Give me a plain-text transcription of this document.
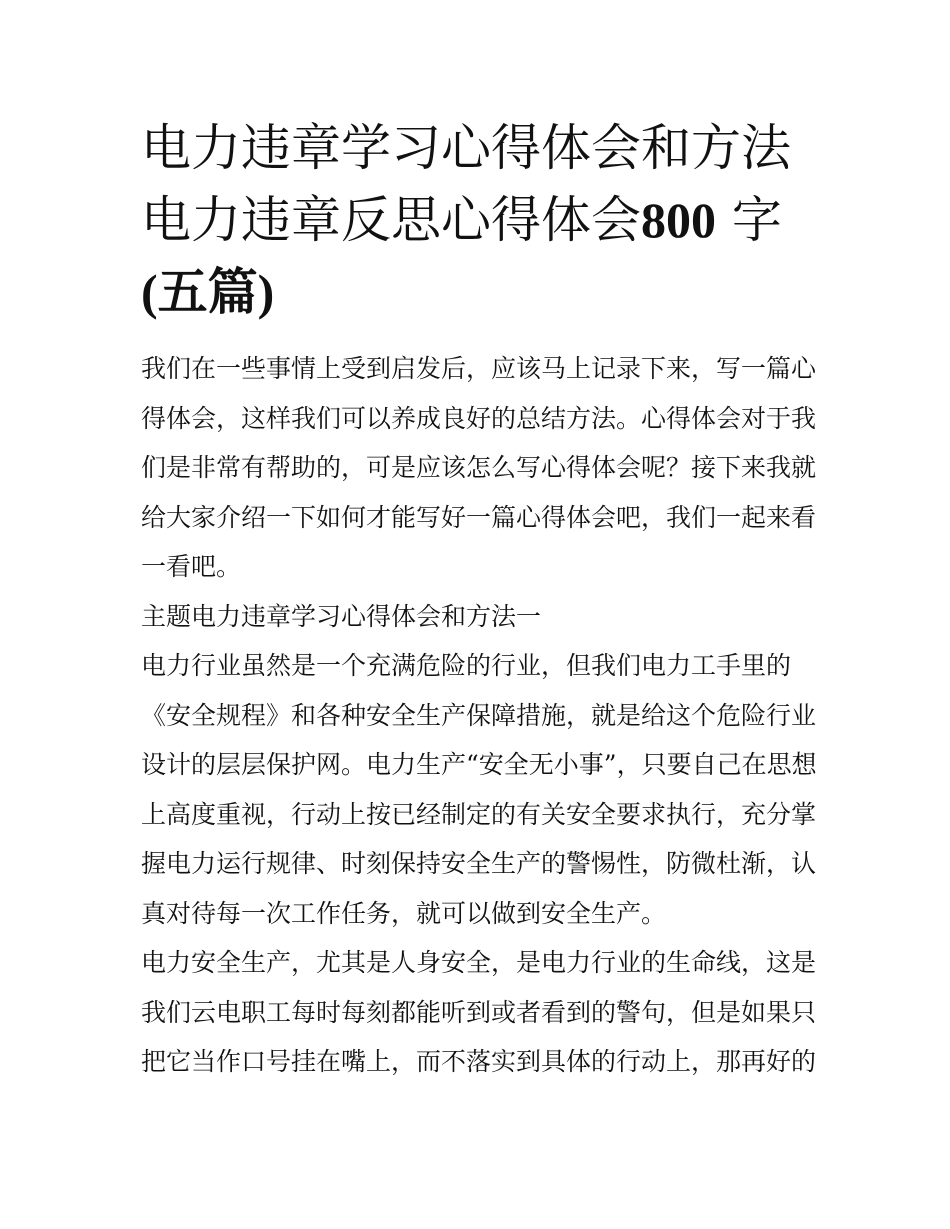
电力违章学习心得体会和方法
电力违章反思心得体会800 字
(五篇)

我们在一些事情上受到启发后，应该马上记录下来，写一篇心
得体会，这样我们可以养成良好的总结方法。心得体会对于我
们是非常有帮助的，可是应该怎么写心得体会呢？接下来我就
给大家介绍一下如何才能写好一篇心得体会吧，我们一起来看
一看吧。

主题电力违章学习心得体会和方法一

电力行业虽然是一个充满危险的行业，但我们电力工手里的
《安全规程》和各种安全生产保障措施，就是给这个危险行业
设计的层层保护网。电力生产“安全无小事”，只要自己在思想
上高度重视，行动上按已经制定的有关安全要求执行，充分掌
握电力运行规律、时刻保持安全生产的警惕性，防微杜渐，认
真对待每一次工作任务，就可以做到安全生产。

电力安全生产，尤其是人身安全，是电力行业的生命线，这是
我们云电职工每时每刻都能听到或者看到的警句，但是如果只
把它当作口号挂在嘴上，而不落实到具体的行动上，那再好的
